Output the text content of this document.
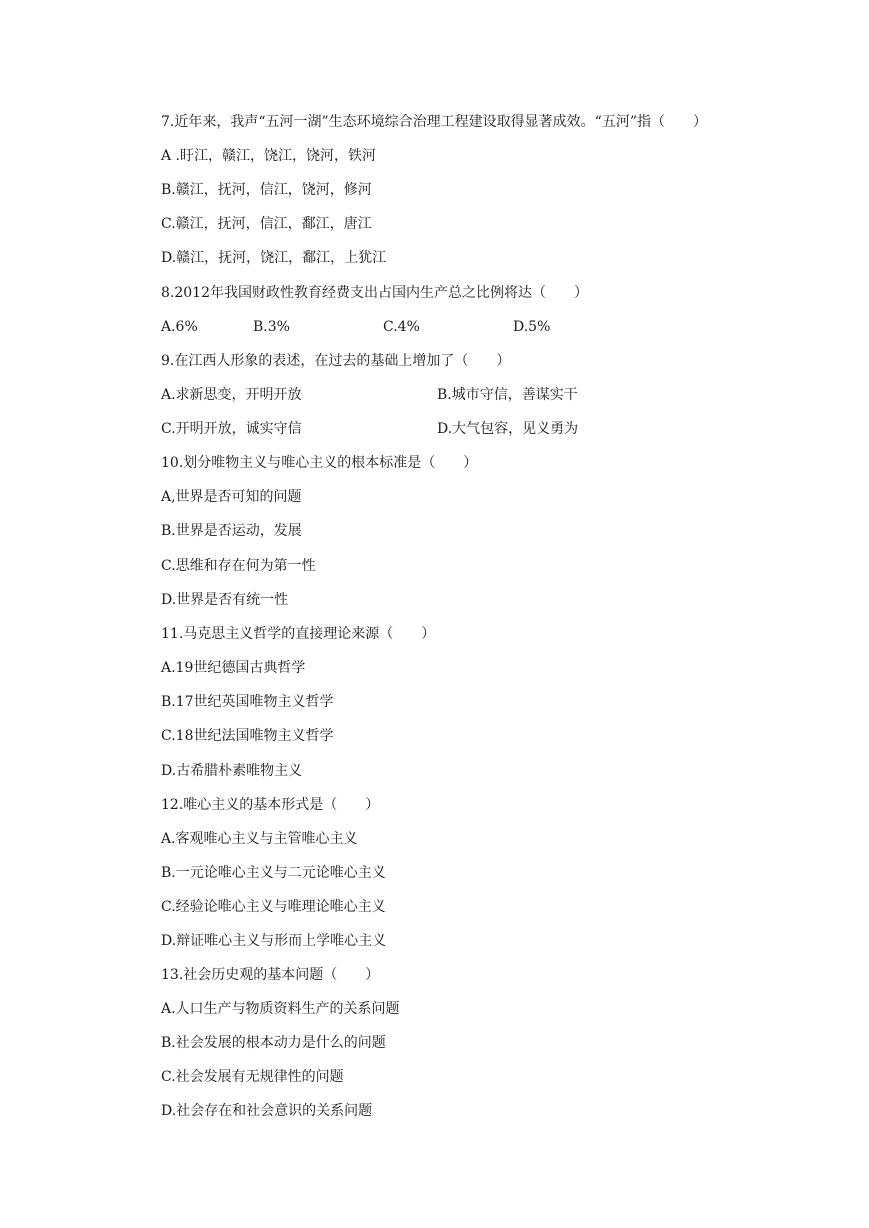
7.近年来，我声“五河一湖”生态环境综合治理工程建设取得显著成效。“五河”指（　　）
A .盱江，赣江，饶江，饶河，铁河
B.赣江，抚河，信江，饶河，修河
C.赣江，抚河，信江，鄱江，唐江
D.赣江，抚河，饶江，鄱江，上犹江
8.2012年我国财政性教育经费支出占国内生产总之比例将达（　　）
A.6%	B.3%	C.4%	D.5%
9.在江西人形象的表述，在过去的基础上增加了（　　）
A.求新思变，开明开放	B.城市守信，善谋实干
C.开明开放，诚实守信	D.大气包容，见义勇为
10.划分唯物主义与唯心主义的根本标准是（　　）
A,世界是否可知的问题
B.世界是否运动，发展
C.思维和存在何为第一性
D.世界是否有统一性
11.马克思主义哲学的直接理论来源（　　）
A.19世纪德国古典哲学
B.17世纪英国唯物主义哲学
C.18世纪法国唯物主义哲学
D.古希腊朴素唯物主义
12.唯心主义的基本形式是（　　）
A.客观唯心主义与主管唯心主义
B.一元论唯心主义与二元论唯心主义
C.经验论唯心主义与唯理论唯心主义
D.辩证唯心主义与形而上学唯心主义
13.社会历史观的基本问题（　　）
A.人口生产与物质资料生产的关系问题
B.社会发展的根本动力是什么的问题
C.社会发展有无规律性的问题
D.社会存在和社会意识的关系问题
